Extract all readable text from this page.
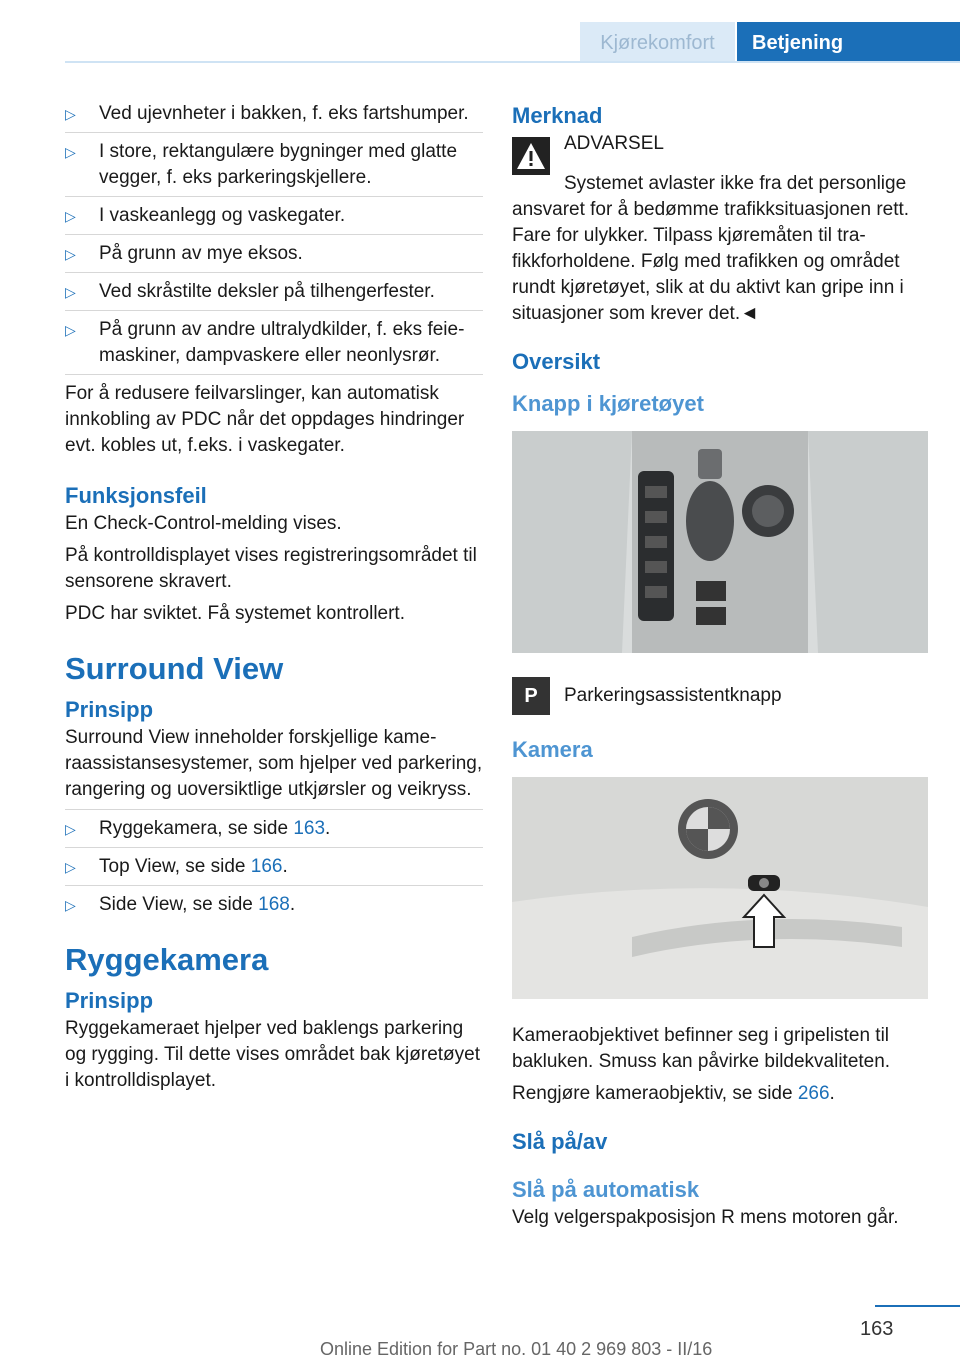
Kjørekomfort	Betjening
▷ Ved ujevnheter i bakken, f. eks fartshumper.
▷ I store, rektangulære bygninger med glatte vegger, f. eks parkeringskjellere.
▷ I vaskeanlegg og vaskegater.
▷ På grunn av mye eksos.
▷ Ved skråstilte deksler på tilhengerfester.
▷ På grunn av andre ultralydkilder, f. eks feiemaskiner, dampvaskere eller neonlysrør.

For å redusere feilvarslinger, kan automatisk innkobling av PDC når det oppdages hindringer evt. kobles ut, f.eks. i vaskegater.

Funksjonsfeil

En Check-Control-melding vises.

På kontrolldisplayet vises registreringsområdet til sensorene skravert.

PDC har sviktet. Få systemet kontrollert.

Surround View
Prinsipp

Surround View inneholder forskjellige kameraassistansesystemer, som hjelper ved parkering, rangering og uoversiktlige utkjørsler og veikryss.

▷ Ryggekamera, se side 163.
▷ Top View, se side 166.
▷ Side View, se side 168.
Ryggekamera
Prinsipp

Ryggekameraet hjelper ved baklengs parkering og rygging. Til dette vises området bak kjøretøyet i kontrolldisplayet.

Merknad
ADVARSEL

Systemet avlaster ikke fra det personlige ansvaret for å bedømme trafikksituasjonen rett. Fare for ulykker. Tilpass kjøremåten til trafikkforholdene. Følg med trafikken og området rundt kjøretøyet, slik at du aktivt kan gripe inn i situasjoner som krever det.◄

Oversikt
Knapp i kjøretøyet
P	Parkeringsassistentknapp
Kamera

Kameraobjektivet befinner seg i gripelisten til bakluken. Smuss kan påvirke bildekvaliteten.

Rengjøre kameraobjektiv, se side 266.

Slå på/av
Slå på automatisk

Velg velgerspakposisjon R mens motoren går.

163
Online Edition for Part no. 01 40 2 969 803 - II/16
